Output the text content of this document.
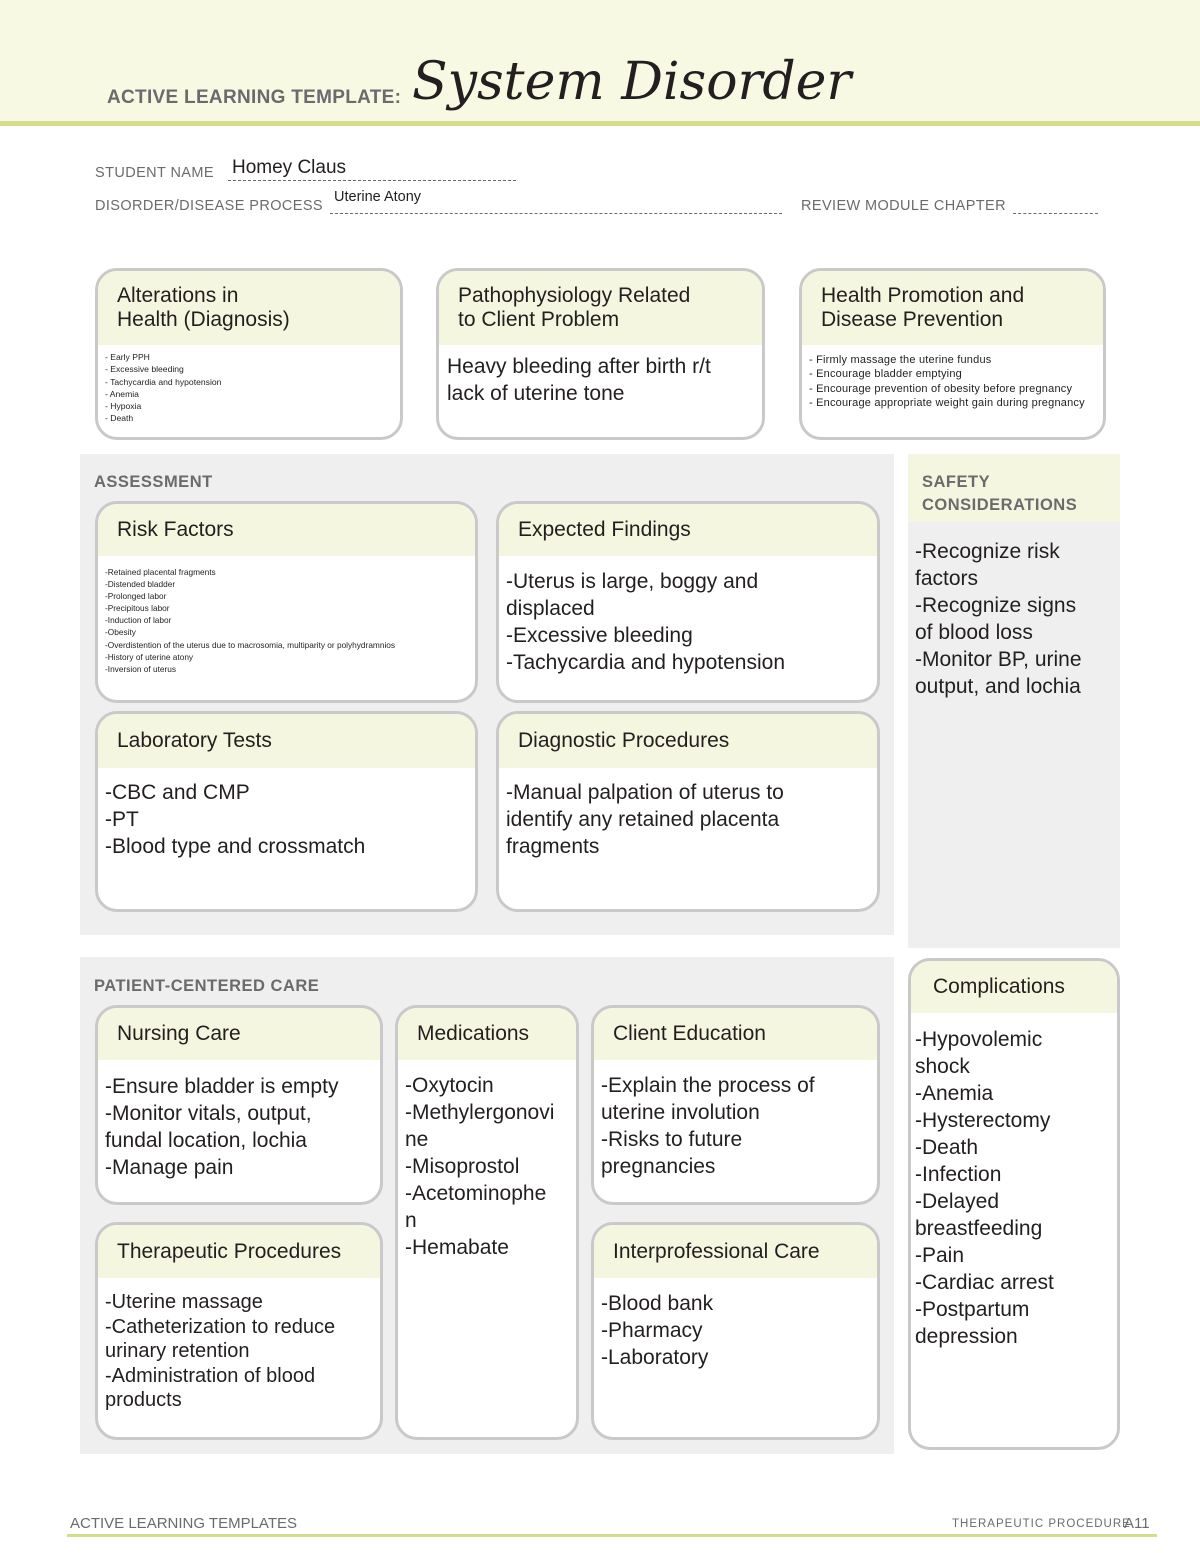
ACTIVE LEARNING TEMPLATE: System Disorder
STUDENT NAME Homey Claus
DISORDER/DISEASE PROCESS
Uterine Atony
REVIEW MODULE CHAPTER
Alterations in
Health (Diagnosis)
- Early PPH
- Excessive bleeding
- Tachycardia and hypotension
- Anemia
- Hypoxia
- Death
Pathophysiology Related
to Client Problem
Heavy bleeding after birth r/t
lack of uterine tone
Health Promotion and
Disease Prevention
- Firmly massage the uterine fundus
- Encourage bladder emptying
- Encourage prevention of obesity before pregnancy
- Encourage appropriate weight gain during pregnancy
ASSESSMENT
Risk Factors
-Retained placental fragments
-Distended bladder
-Prolonged labor
-Precipitous labor
-Induction of labor
-Obesity
-Overdistention of the uterus due to macrosomia, multiparity or polyhydramnios
-History of uterine atony
-Inversion of uterus
Expected Findings
-Uterus is large, boggy and
displaced
-Excessive bleeding
-Tachycardia and hypotension
Laboratory Tests
-CBC and CMP
-PT
-Blood type and crossmatch
Diagnostic Procedures
-Manual palpation of uterus to
identify any retained placenta
fragments
SAFETY
CONSIDERATIONS
-Recognize risk
factors
-Recognize signs
of blood loss
-Monitor BP, urine
output, and lochia
PATIENT-CENTERED CARE
Nursing Care
-Ensure bladder is empty
-Monitor vitals, output,
fundal location, lochia
-Manage pain
Medications
-Oxytocin
-Methylergonovi
ne
-Misoprostol
-Acetominophe
n
-Hemabate
Client Education
-Explain the process of
uterine involution
-Risks to future
pregnancies
Therapeutic Procedures
-Uterine massage
-Catheterization to reduce
urinary retention
-Administration of blood
products
Interprofessional Care
-Blood bank
-Pharmacy
-Laboratory
Complications
-Hypovolemic
shock
-Anemia
-Hysterectomy
-Death
-Infection
-Delayed
breastfeeding
-Pain
-Cardiac arrest
-Postpartum
depression
ACTIVE LEARNING TEMPLATES	THERAPEUTIC PROCEDURE
A11
